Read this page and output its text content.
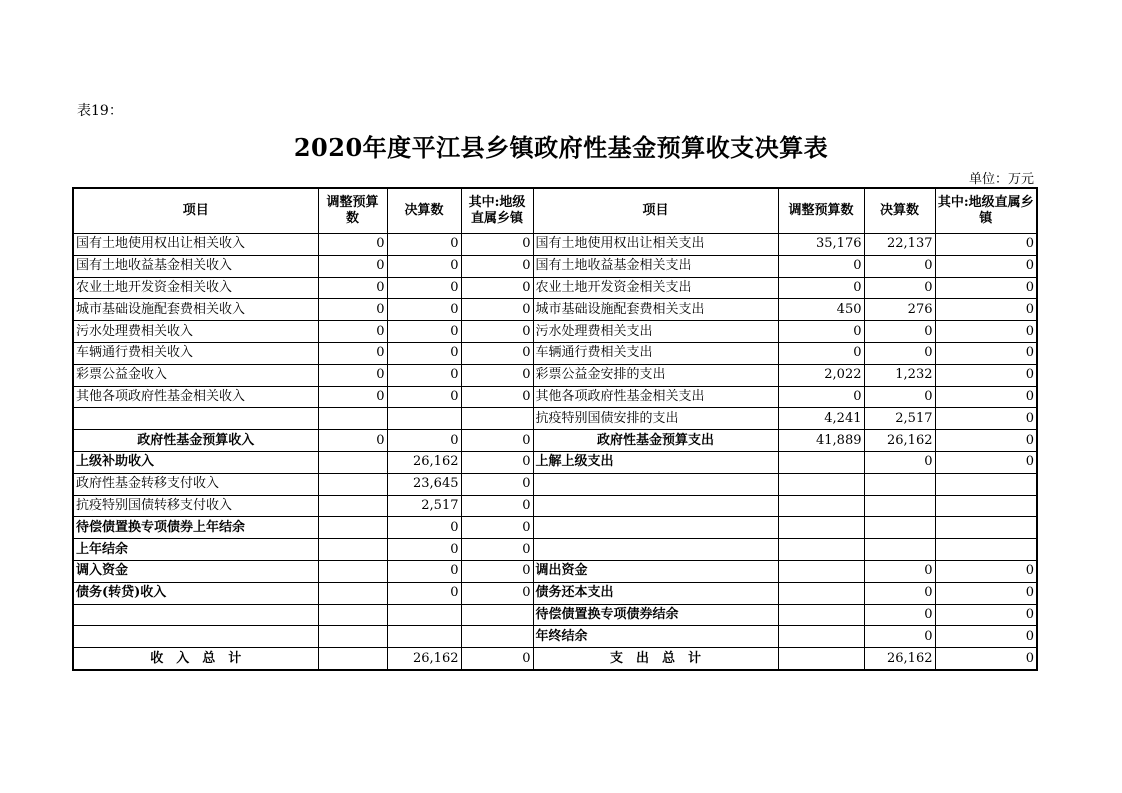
表19：
2020年度平江县乡镇政府性基金预算收支决算表
单位：万元
项目	调整预算数	决算数	其中:地级直属乡镇	项目	调整预算数	决算数	其中:地级直属乡镇
国有土地使用权出让相关收入	0	0	0	国有土地使用权出让相关支出	35,176	22,137	0
国有土地收益基金相关收入	0	0	0	国有土地收益基金相关支出	0	0	0
农业土地开发资金相关收入	0	0	0	农业土地开发资金相关支出	0	0	0
城市基础设施配套费相关收入	0	0	0	城市基础设施配套费相关支出	450	276	0
污水处理费相关收入	0	0	0	污水处理费相关支出	0	0	0
车辆通行费相关收入	0	0	0	车辆通行费相关支出	0	0	0
彩票公益金收入	0	0	0	彩票公益金安排的支出	2,022	1,232	0
其他各项政府性基金相关收入	0	0	0	其他各项政府性基金相关支出	0	0	0
				抗疫特别国债安排的支出	4,241	2,517	0
政府性基金预算收入	0	0	0	政府性基金预算支出	41,889	26,162	0
上级补助收入		26,162	0	上解上级支出		0	0
政府性基金转移支付收入		23,645	0				
抗疫特别国债转移支付收入		2,517	0				
待偿债置换专项债券上年结余		0	0				
上年结余		0	0				
调入资金		0	0	调出资金		0	0
债务(转贷)收入		0	0	债务还本支出		0	0
				待偿债置换专项债券结余		0	0
				年终结余		0	0
收　入　总　计		26,162	0	支　出　总　计		26,162	0
